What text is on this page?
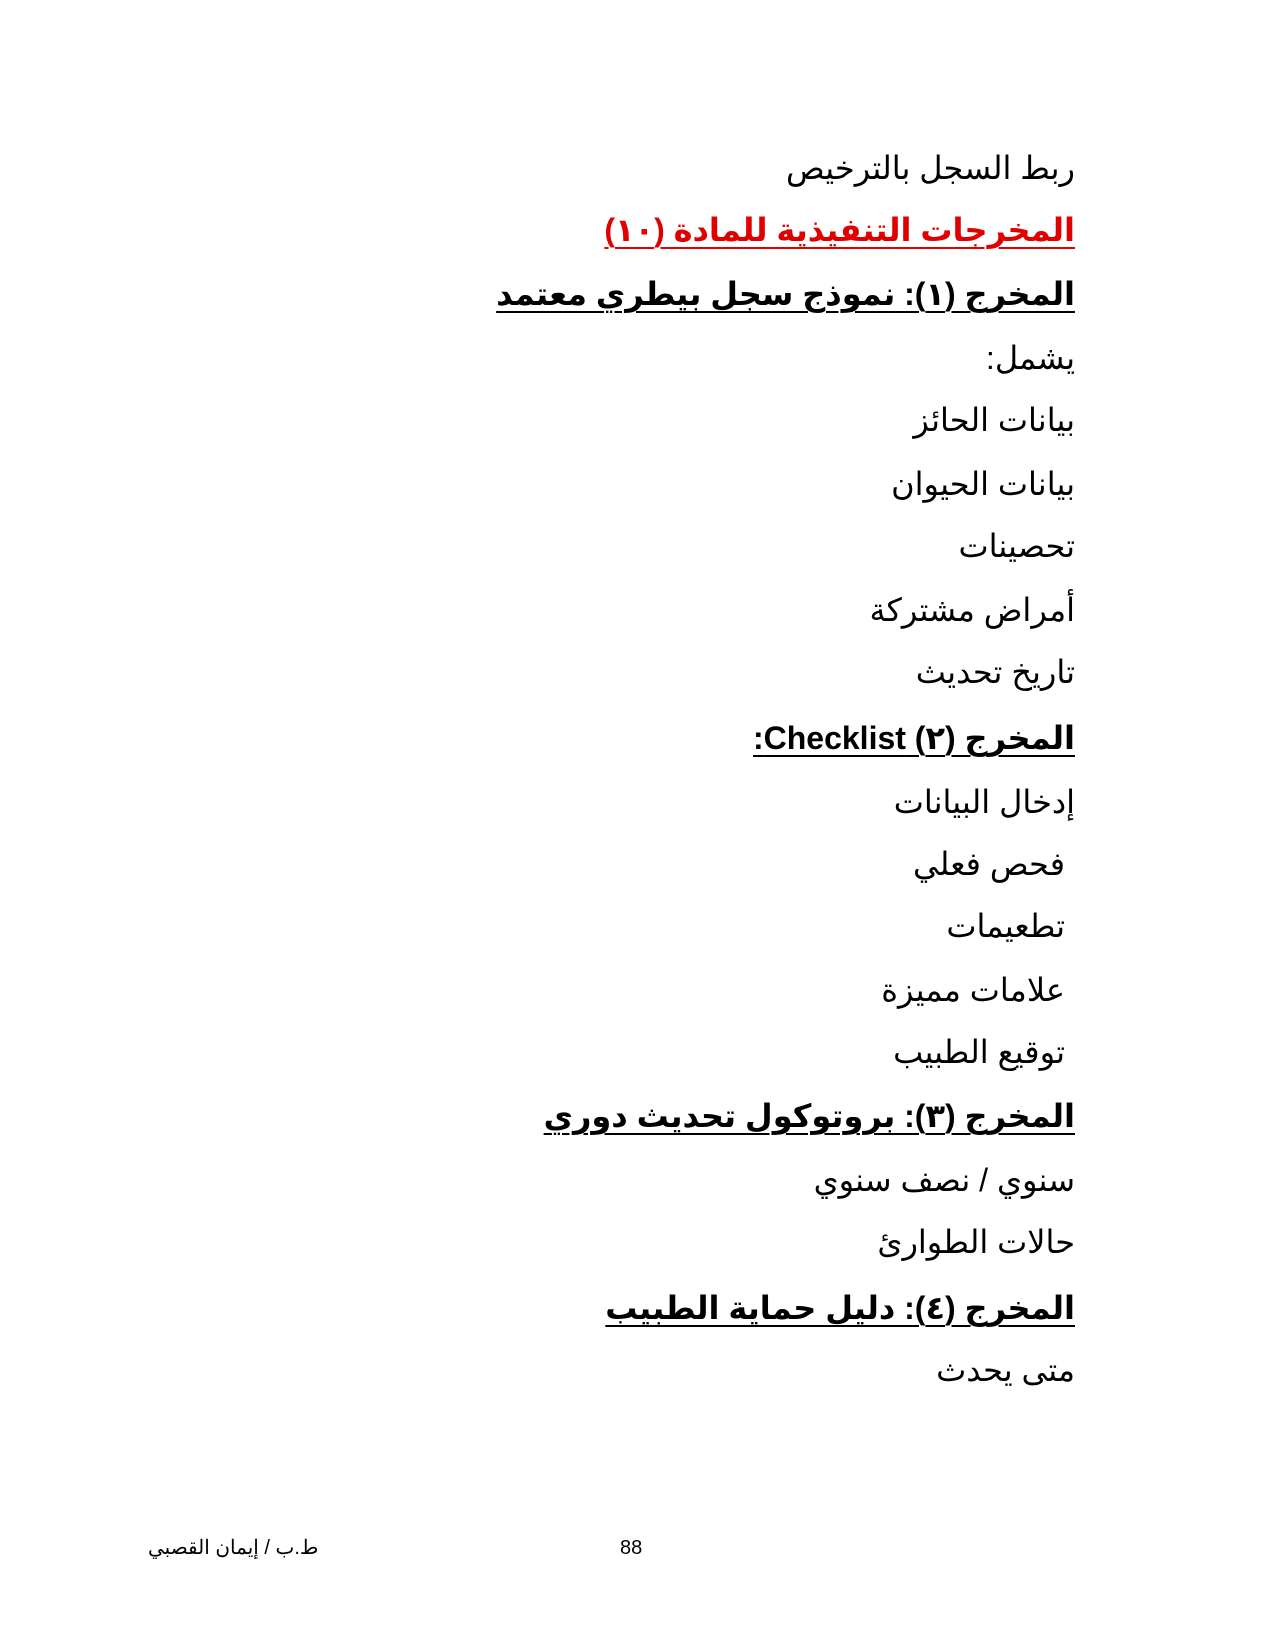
ربط السجل بالترخيص
المخرجات التنفيذية للمادة (١٠)
المخرج (١): نموذج سجل بيطري معتمد
يشمل:
بيانات الحائز
بيانات الحيوان
تحصينات
أمراض مشتركة
تاريخ تحديث
المخرج (٢) Checklist:
إدخال البيانات
فحص فعلي
تطعيمات
علامات مميزة
توقيع الطبيب
المخرج (٣): بروتوكول تحديث دوري
سنوي / نصف سنوي
حالات الطوارئ
المخرج (٤): دليل حماية الطبيب
متى يحدث
ط.ب / إيمان القصبي	88
